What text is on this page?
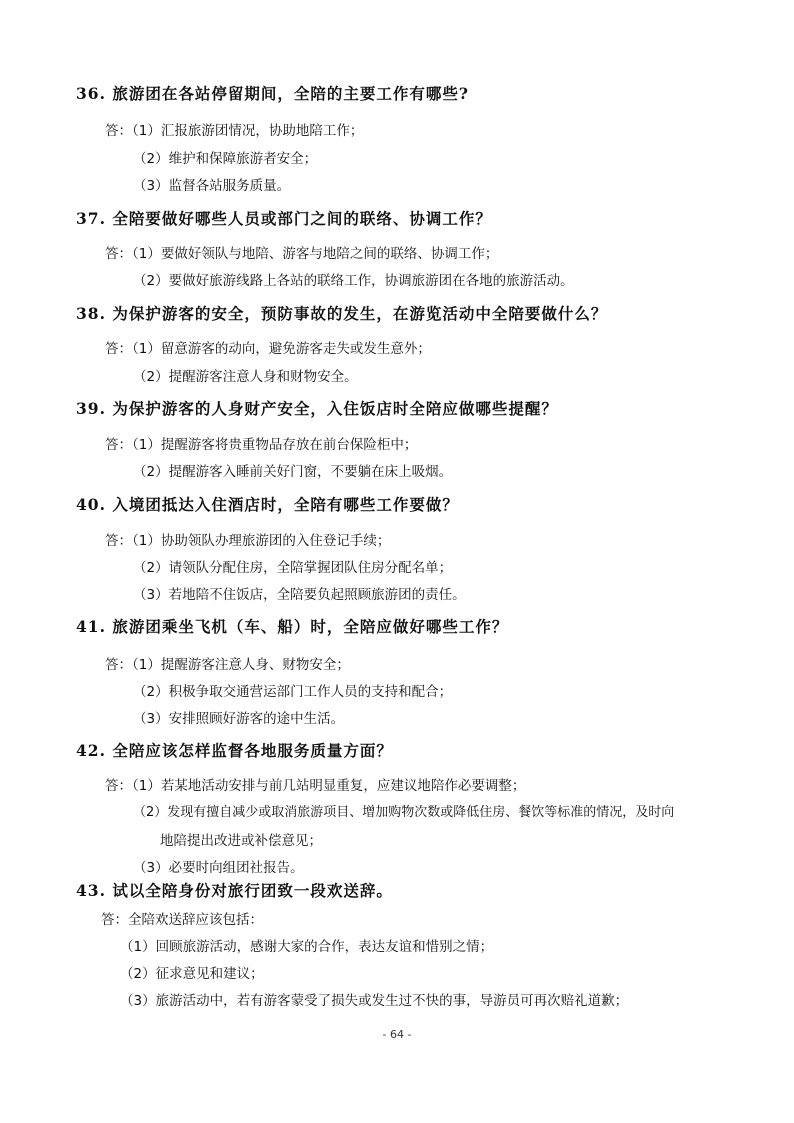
36. 旅游团在各站停留期间，全陪的主要工作有哪些?
答：（1）汇报旅游团情况，协助地陪工作；
（2）维护和保障旅游者安全；
（3）监督各站服务质量。
37. 全陪要做好哪些人员或部门之间的联络、协调工作？
答：（1）要做好领队与地陪、游客与地陪之间的联络、协调工作；
（2）要做好旅游线路上各站的联络工作，协调旅游团在各地的旅游活动。
38. 为保护游客的安全，预防事故的发生，在游览活动中全陪要做什么？
答：（1）留意游客的动向，避免游客走失或发生意外；
（2）提醒游客注意人身和财物安全。
39. 为保护游客的人身财产安全，入住饭店时全陪应做哪些提醒？
答：（1）提醒游客将贵重物品存放在前台保险柜中；
（2）提醒游客入睡前关好门窗，不要躺在床上吸烟。
40. 入境团抵达入住酒店时，全陪有哪些工作要做？
答：（1）协助领队办理旅游团的入住登记手续；
（2）请领队分配住房，全陪掌握团队住房分配名单；
（3）若地陪不住饭店，全陪要负起照顾旅游团的责任。
41. 旅游团乘坐飞机（车、船）时，全陪应做好哪些工作？
答：（1）提醒游客注意人身、财物安全；
（2）积极争取交通营运部门工作人员的支持和配合；
（3）安排照顾好游客的途中生活。
42. 全陪应该怎样监督各地服务质量方面？
答：（1）若某地活动安排与前几站明显重复，应建议地陪作必要调整；
（2）发现有擅自减少或取消旅游项目、增加购物次数或降低住房、餐饮等标准的情况，及时向
地陪提出改进或补偿意见；
（3）必要时向组团社报告。
43. 试以全陪身份对旅行团致一段欢送辞。
答：全陪欢送辞应该包括：
（1）回顾旅游活动，感谢大家的合作，表达友谊和惜别之情；
（2）征求意见和建议；
（3）旅游活动中，若有游客蒙受了损失或发生过不快的事，导游员可再次赔礼道歉；
- 64 -
